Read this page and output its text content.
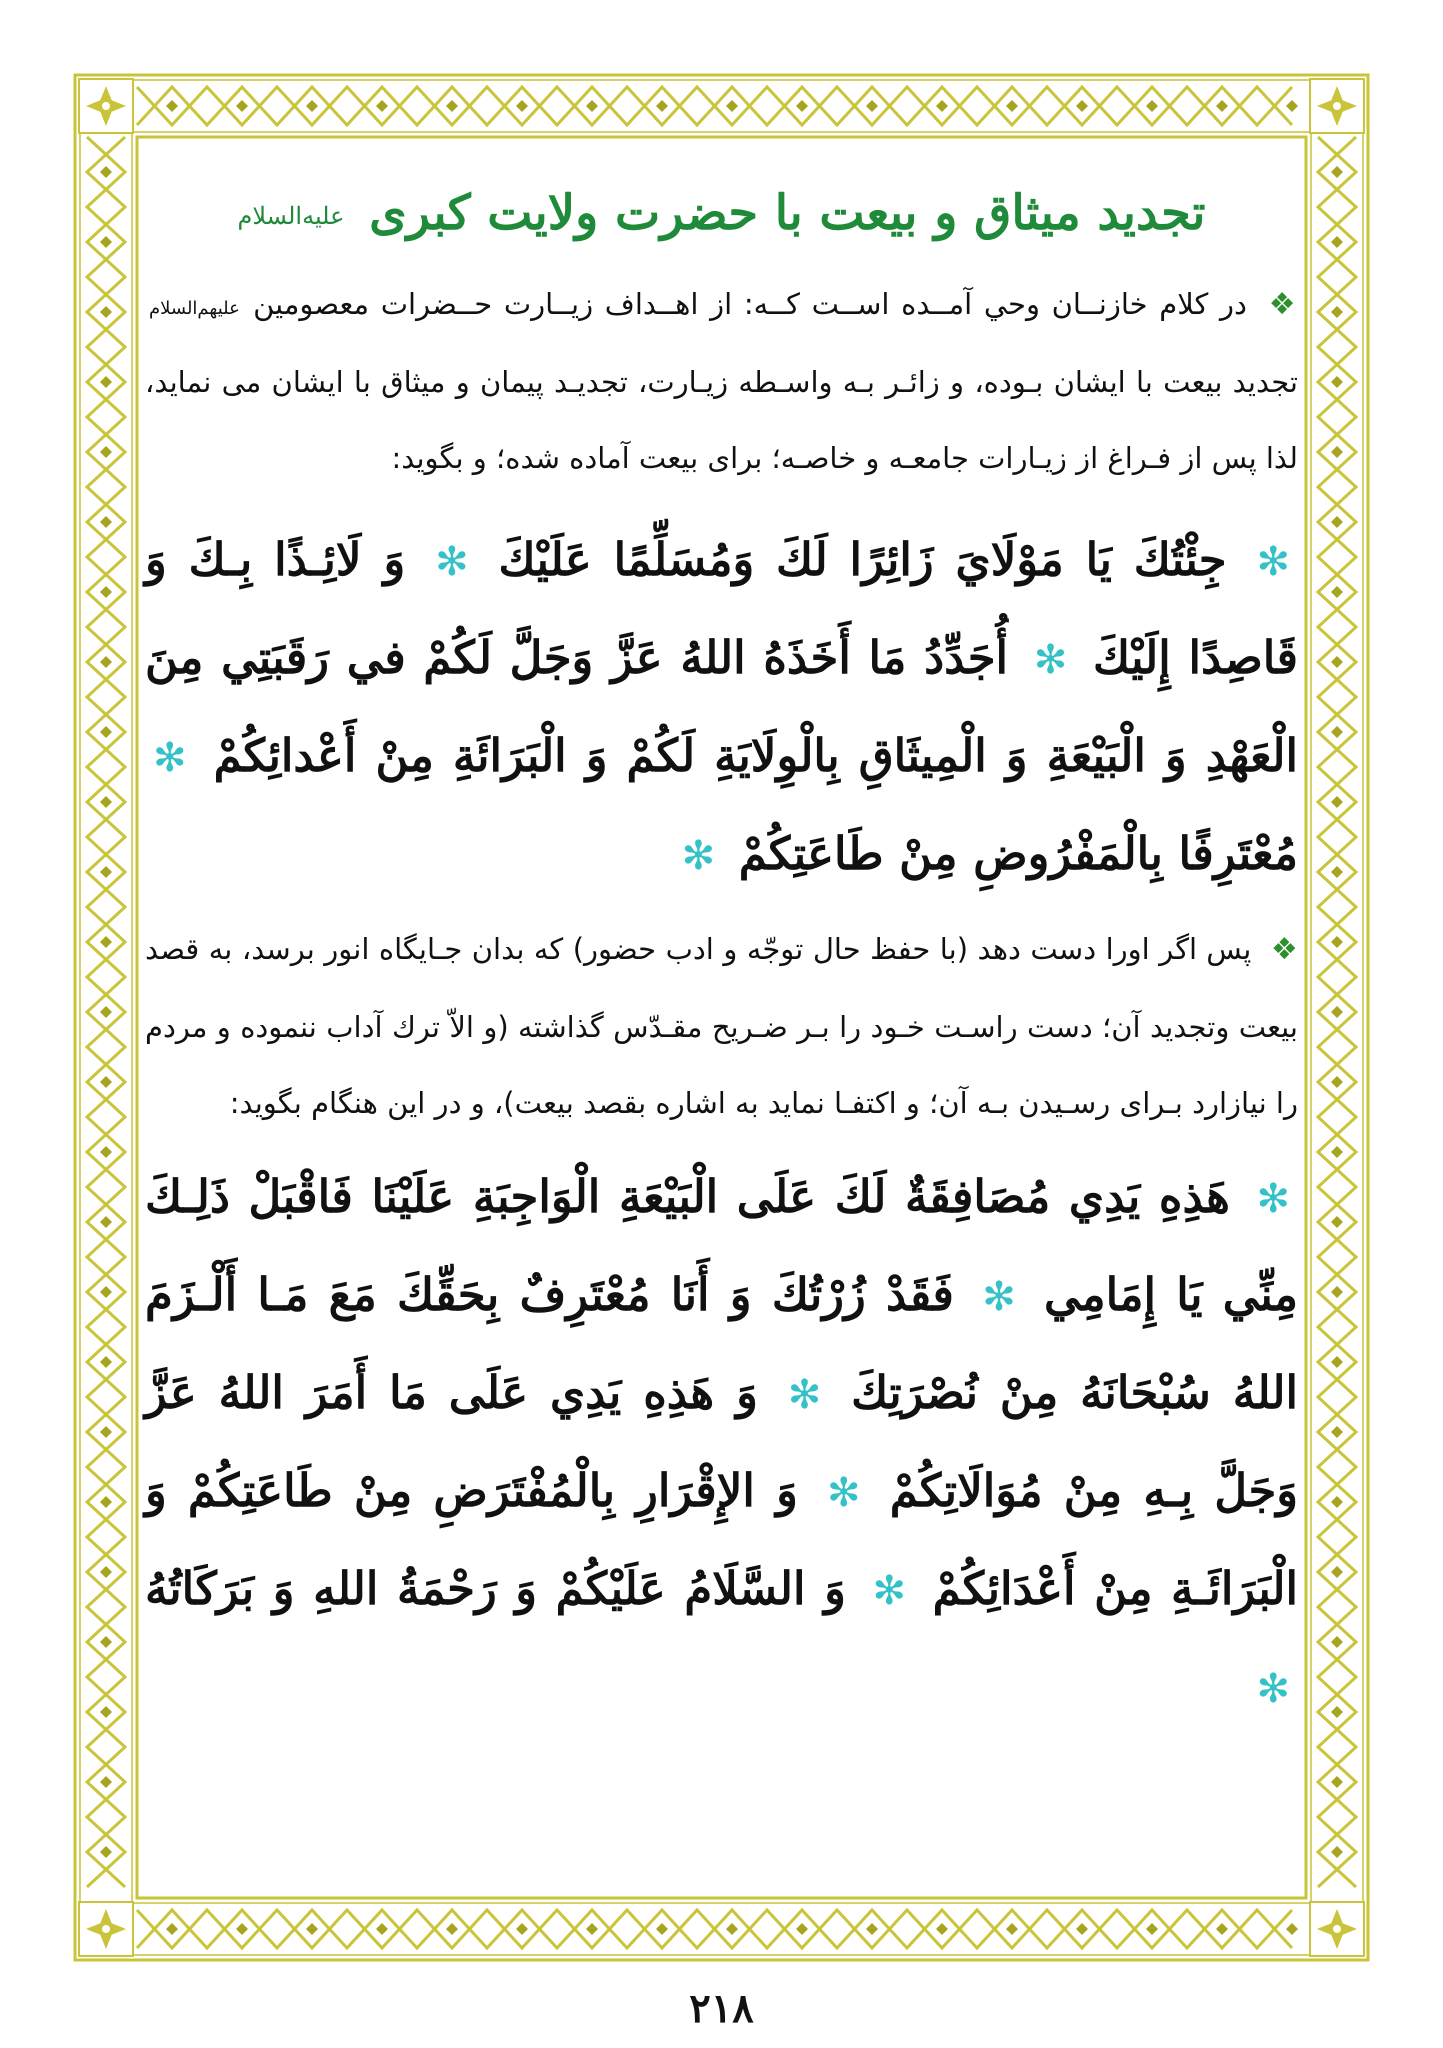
تجدید میثاق و بیعت با حضرت ولایت کبری علیه‌السلام

❖ در کلام خازنــان وحي آمــده اســت کــه: از اهــداف زیــارت حــضرات معصومین علیهم‌السلام تجدید بیعت با ایشان بـوده، و زائـر بـه واسـطه زیـارت، تجدیـد پیمان و میثاق با ایشان می نماید، لذا پس از فـراغ از زیـارات جامعـه و خاصـه؛ برای بیعت آماده شده؛ و بگوید:

✻ جِئْتُكَ يَا مَوْلَايَ زَائِرًا لَكَ وَمُسَلِّمًا عَلَيْكَ ✻ وَ لَائِـذًا بِـكَ وَ قَاصِدًا إِلَيْكَ ✻ أُجَدِّدُ مَا أَخَذَهُ اللهُ عَزَّ وَجَلَّ لَكُمْ في رَقَبَتِي مِنَ الْعَهْدِ وَ الْبَيْعَةِ وَ الْمِيثَاقِ بِالْوِلَايَةِ لَكُمْ وَ الْبَرَائَةِ مِنْ أَعْدائِكُمْ ✻ مُعْتَرِفًا بِالْمَفْرُوضِ مِنْ طَاعَتِكُمْ ✻

❖ پس اگر اورا دست دهد (با حفظ حال توجّه و ادب حضور) که بدان جـایگاه انور برسد، به قصد بیعت وتجدید آن؛ دست راسـت خـود را بـر ضـریح مقـدّس گذاشته (و الاّ ترك آداب ننموده و مردم را نیازارد بـرای رسـیدن بـه آن؛ و اکتفـا نماید به اشاره بقصد بیعت)، و در این هنگام بگوید:

✻ هَذِهِ يَدِي مُصَافِقَةٌ لَكَ عَلَى الْبَيْعَةِ الْوَاجِبَةِ عَلَيْنَا فَاقْبَلْ ذَلِـكَ مِنِّي يَا إِمَامِي ✻ فَقَدْ زُرْتُكَ وَ أَنَا مُعْتَرِفٌ بِحَقِّكَ مَعَ مَـا أَلْـزَمَ اللهُ سُبْحَانَهُ مِنْ نُصْرَتِكَ ✻ وَ هَذِهِ يَدِي عَلَى مَا أَمَرَ اللهُ عَزَّ وَجَلَّ بِـهِ مِنْ مُوَالَاتِكُمْ ✻ وَ الإِقْرَارِ بِالْمُفْتَرَضِ مِنْ طَاعَتِكُمْ وَ الْبَرَائَـةِ مِنْ أَعْدَائِكُمْ ✻ وَ السَّلَامُ عَلَيْكُمْ وَ رَحْمَةُ اللهِ وَ بَرَكَاتُهُ ✻

٢١٨
